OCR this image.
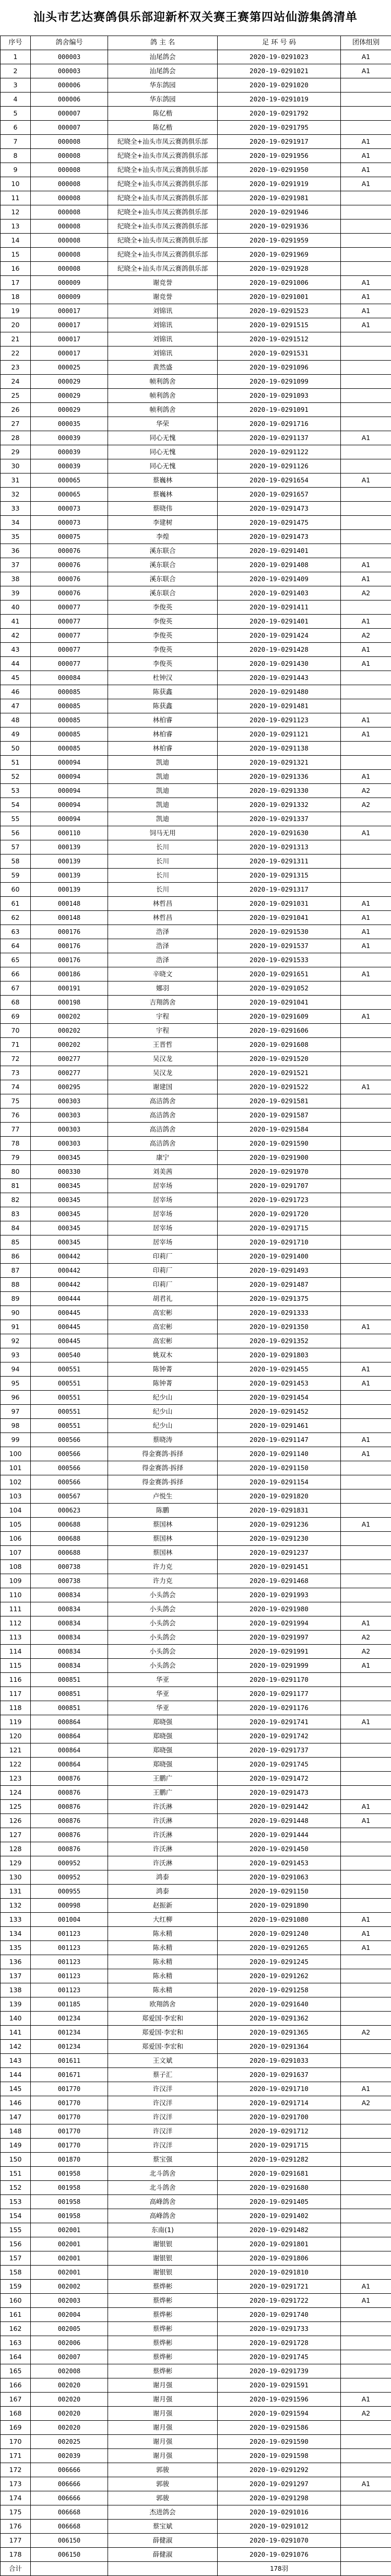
汕头市艺达赛鸽俱乐部迎新杯双关赛王赛第四站仙游集鸽清单
序号	鸽舍编号	鸽 主 名	足 环 号 码	团体组别
1	000003	汕尾鸽会	2020-19-0291023	A1
2	000003	汕尾鸽会	2020-19-0291021	A1
3	000006	华东鸽园	2020-19-0291020	
4	000006	华东鸽园	2020-19-0291019	
5	000007	陈亿楷	2020-19-0291792	
6	000007	陈亿楷	2020-19-0291795	
7	000008	纪晓全+汕头市凤云赛鸽俱乐部	2020-19-0291917	A1
8	000008	纪晓全+汕头市凤云赛鸽俱乐部	2020-19-0291956	A1
9	000008	纪晓全+汕头市凤云赛鸽俱乐部	2020-19-0291950	A1
10	000008	纪晓全+汕头市凤云赛鸽俱乐部	2020-19-0291919	A1
11	000008	纪晓全+汕头市凤云赛鸽俱乐部	2020-19-0291981	
12	000008	纪晓全+汕头市凤云赛鸽俱乐部	2020-19-0291946	
13	000008	纪晓全+汕头市凤云赛鸽俱乐部	2020-19-0291936	
14	000008	纪晓全+汕头市凤云赛鸽俱乐部	2020-19-0291959	
15	000008	纪晓全+汕头市凤云赛鸽俱乐部	2020-19-0291969	
16	000008	纪晓全+汕头市凤云赛鸽俱乐部	2020-19-0291928	
17	000009	谢竞誉	2020-19-0291006	A1
18	000009	谢竞誉	2020-19-0291001	A1
19	000017	刘锦讯	2020-19-0291523	A1
20	000017	刘锦讯	2020-19-0291515	A1
21	000017	刘锦讯	2020-19-0291512	
22	000017	刘锦讯	2020-19-0291531	
23	000025	黄然盛	2020-19-0291096	
24	000029	帧利鸽舍	2020-19-0291099	
25	000029	帧利鸽舍	2020-19-0291093	
26	000029	帧利鸽舍	2020-19-0291091	
27	000035	华荣	2020-19-0291716	
28	000039	同心无愧	2020-19-0291137	A1
29	000039	同心无愧	2020-19-0291122	
30	000039	同心无愧	2020-19-0291126	
31	000065	蔡巍林	2020-19-0291654	A1
32	000065	蔡巍林	2020-19-0291657	
33	000073	蔡晓伟	2020-19-0291473	
34	000073	李建树	2020-19-0291475	
35	000075	李煌	2020-19-0291473	
36	000076	溪东联合	2020-19-0291401	
37	000076	溪东联合	2020-19-0291408	A1
38	000076	溪东联合	2020-19-0291409	A1
39	000076	溪东联合	2020-19-0291403	A2
40	000077	李俊英	2020-19-0291411	
41	000077	李俊英	2020-19-0291401	A1
42	000077	李俊英	2020-19-0291424	A2
43	000077	李俊英	2020-19-0291428	A1
44	000077	李俊英	2020-19-0291430	A1
45	000084	杜钟汉	2020-19-0291443	
46	000085	陈获鑫	2020-19-0291480	
47	000085	陈获鑫	2020-19-0291481	
48	000085	林柏睿	2020-19-0291123	A1
49	000085	林柏睿	2020-19-0291121	A1
50	000085	林柏睿	2020-19-0291138	
51	000094	凯迪	2020-19-0291321	
52	000094	凯迪	2020-19-0291336	A1
53	000094	凯迪	2020-19-0291330	A2
54	000094	凯迪	2020-19-0291332	A2
55	000094	凯迪	2020-19-0291337	
56	000110	饲马无用	2020-19-0291630	A1
57	000139	长川	2020-19-0291313	
58	000139	长川	2020-19-0291311	
59	000139	长川	2020-19-0291315	
60	000139	长川	2020-19-0291317	
61	000148	林哲昌	2020-19-0291031	A1
62	000148	林哲昌	2020-19-0291041	A1
63	000176	浩泽	2020-19-0291530	A1
64	000176	浩泽	2020-19-0291537	A1
65	000176	浩泽	2020-19-0291533	
66	000186	辛晓文	2020-19-0291651	A1
67	000191	娜羽	2020-19-0291052	
68	000198	吉翔鸽舍	2020-19-0291041	
69	000202	宇程	2020-19-0291609	A1
70	000202	宇程	2020-19-0291606	
71	000202	王晋哲	2020-19-0291608	
72	000277	吴汉龙	2020-19-0291520	
73	000277	吴汉龙	2020-19-0291521	
74	000295	谢建国	2020-19-0291522	A1
75	000303	高洁鸽舍	2020-19-0291581	
76	000303	高洁鸽舍	2020-19-0291587	
77	000303	高洁鸽舍	2020-19-0291584	
78	000303	高洁鸽舍	2020-19-0291590	
79	000345	康宁	2020-19-0291900	
80	000330	刘美茜	2020-19-0291970	
81	000345	居宰场	2020-19-0291707	
82	000345	居宰场	2020-19-0291723	
83	000345	居宰场	2020-19-0291720	
84	000345	居宰场	2020-19-0291715	
85	000345	居宰场	2020-19-0291710	
86	000442	印莉厂	2020-19-0291400	
87	000442	印莉厂	2020-19-0291493	
88	000442	印莉厂	2020-19-0291487	
89	000444	胡君礼	2020-19-0291375	
90	000445	高宏彬	2020-19-0291333	
91	000445	高宏彬	2020-19-0291350	A1
92	000445	高宏彬	2020-19-0291352	
93	000540	姚双木	2020-19-0291803	
94	000551	陈钟菁	2020-19-0291455	A1
95	000551	陈钟菁	2020-19-0291453	A1
96	000551	纪少山	2020-19-0291454	
97	000551	纪少山	2020-19-0291452	
98	000551	纪少山	2020-19-0291461	
99	000566	蔡晓涛	2020-19-0291147	A1
100	000566	得金赛鸽·拆择	2020-19-0291140	A1
101	000566	得金赛鸽·拆择	2020-19-0291150	
102	000566	得金赛鸽·拆择	2020-19-0291154	
103	000567	卢悦生	2020-19-0291820	
104	000623	陈鹏	2020-19-0291831	
105	000688	蔡国林	2020-19-0291236	A1
106	000688	蔡国林	2020-19-0291230	
107	000688	蔡国林	2020-19-0291237	
108	000738	许力克	2020-19-0291451	
109	000738	许力克	2020-19-0291468	
110	000834	小头鸽会	2020-19-0291993	
111	000834	小头鸽会	2020-19-0291980	
112	000834	小头鸽会	2020-19-0291994	A1
113	000834	小头鸽会	2020-19-0291997	A2
114	000834	小头鸽会	2020-19-0291991	A2
115	000834	小头鸽会	2020-19-0291999	A1
116	000851	华亚	2020-19-0291170	
117	000851	华亚	2020-19-0291177	
118	000851	华亚	2020-19-0291176	
119	000864	郑晓强	2020-19-0291741	A1
120	000864	郑晓强	2020-19-0291742	
121	000864	郑晓强	2020-19-0291737	
122	000864	郑晓强	2020-19-0291745	
123	000876	王鹏广	2020-19-0291472	
124	000876	王鹏广	2020-19-0291473	
125	000876	许沃淋	2020-19-0291442	A1
126	000876	许沃淋	2020-19-0291448	A1
127	000876	许沃淋	2020-19-0291444	
128	000876	许沃淋	2020-19-0291450	
129	000952	许沃淋	2020-19-0291453	
130	000952	鸿泰	2020-19-0291063	
131	000955	鸿泰	2020-19-0291150	
132	000998	赵振新	2020-19-0291890	
133	001004	大红柳	2020-19-0291080	A1
134	001123	陈永精	2020-19-0291240	A1
135	001123	陈永精	2020-19-0291265	A1
136	001123	陈永精	2020-19-0291245	
137	001123	陈永精	2020-19-0291262	
138	001123	陈永精	2020-19-0291258	
139	001185	欧翔鸽舍	2020-19-0291640	
140	001234	郑爱国·李宏和	2020-19-0291362	
141	001234	郑爱国·李宏和	2020-19-0291365	A2
142	001234	郑爱国·李宏和	2020-19-0291364	
143	001611	王文斌	2020-19-0291033	
144	001671	蔡子汇	2020-19-0291637	
145	001770	许汉洋	2020-19-0291710	A1
146	001770	许汉洋	2020-19-0291714	A2
147	001770	许汉洋	2020-19-0291700	
148	001770	许汉洋	2020-19-0291712	
149	001770	许汉洋	2020-19-0291715	
150	001870	蔡宝强	2020-19-0291282	
151	001958	北斗鸽舍	2020-19-0291681	
152	001958	北斗鸽舍	2020-19-0291680	
153	001958	高峰鸽舍	2020-19-0291405	
154	001958	高峰鸽舍	2020-19-0291402	
155	002001	东南(1)	2020-19-0291482	
156	002001	谢银银	2020-19-0291801	
157	002001	谢银银	2020-19-0291806	
158	002001	谢银银	2020-19-0291810	
159	002002	蔡烨彬	2020-19-0291721	A1
160	002003	蔡烨彬	2020-19-0291722	A1
161	002004	蔡烨彬	2020-19-0291740	
162	002005	蔡烨彬	2020-19-0291733	
163	002006	蔡烨彬	2020-19-0291728	
164	002007	蔡烨彬	2020-19-0291745	
165	002008	蔡烨彬	2020-19-0291739	
166	002020	谢月强	2020-19-0291591	
167	002020	谢月强	2020-19-0291596	A1
168	002020	谢月强	2020-19-0291594	A2
169	002020	谢月强	2020-19-0291586	
170	002025	谢月强	2020-19-0291590	
171	002039	谢月强	2020-19-0291598	
172	006666	郭骏	2020-19-0291292	
173	006666	郭骏	2020-19-0291297	A1
174	006666	郭骏	2020-19-0291298	
175	006668	杰进鸽会	2020-19-0291016	
176	006668	蔡宝斌	2020-19-0291012	
177	006150	薛健淑	2020-19-0291070	
178	006150	薛健淑	2020-19-0291076	
合计			178羽	
